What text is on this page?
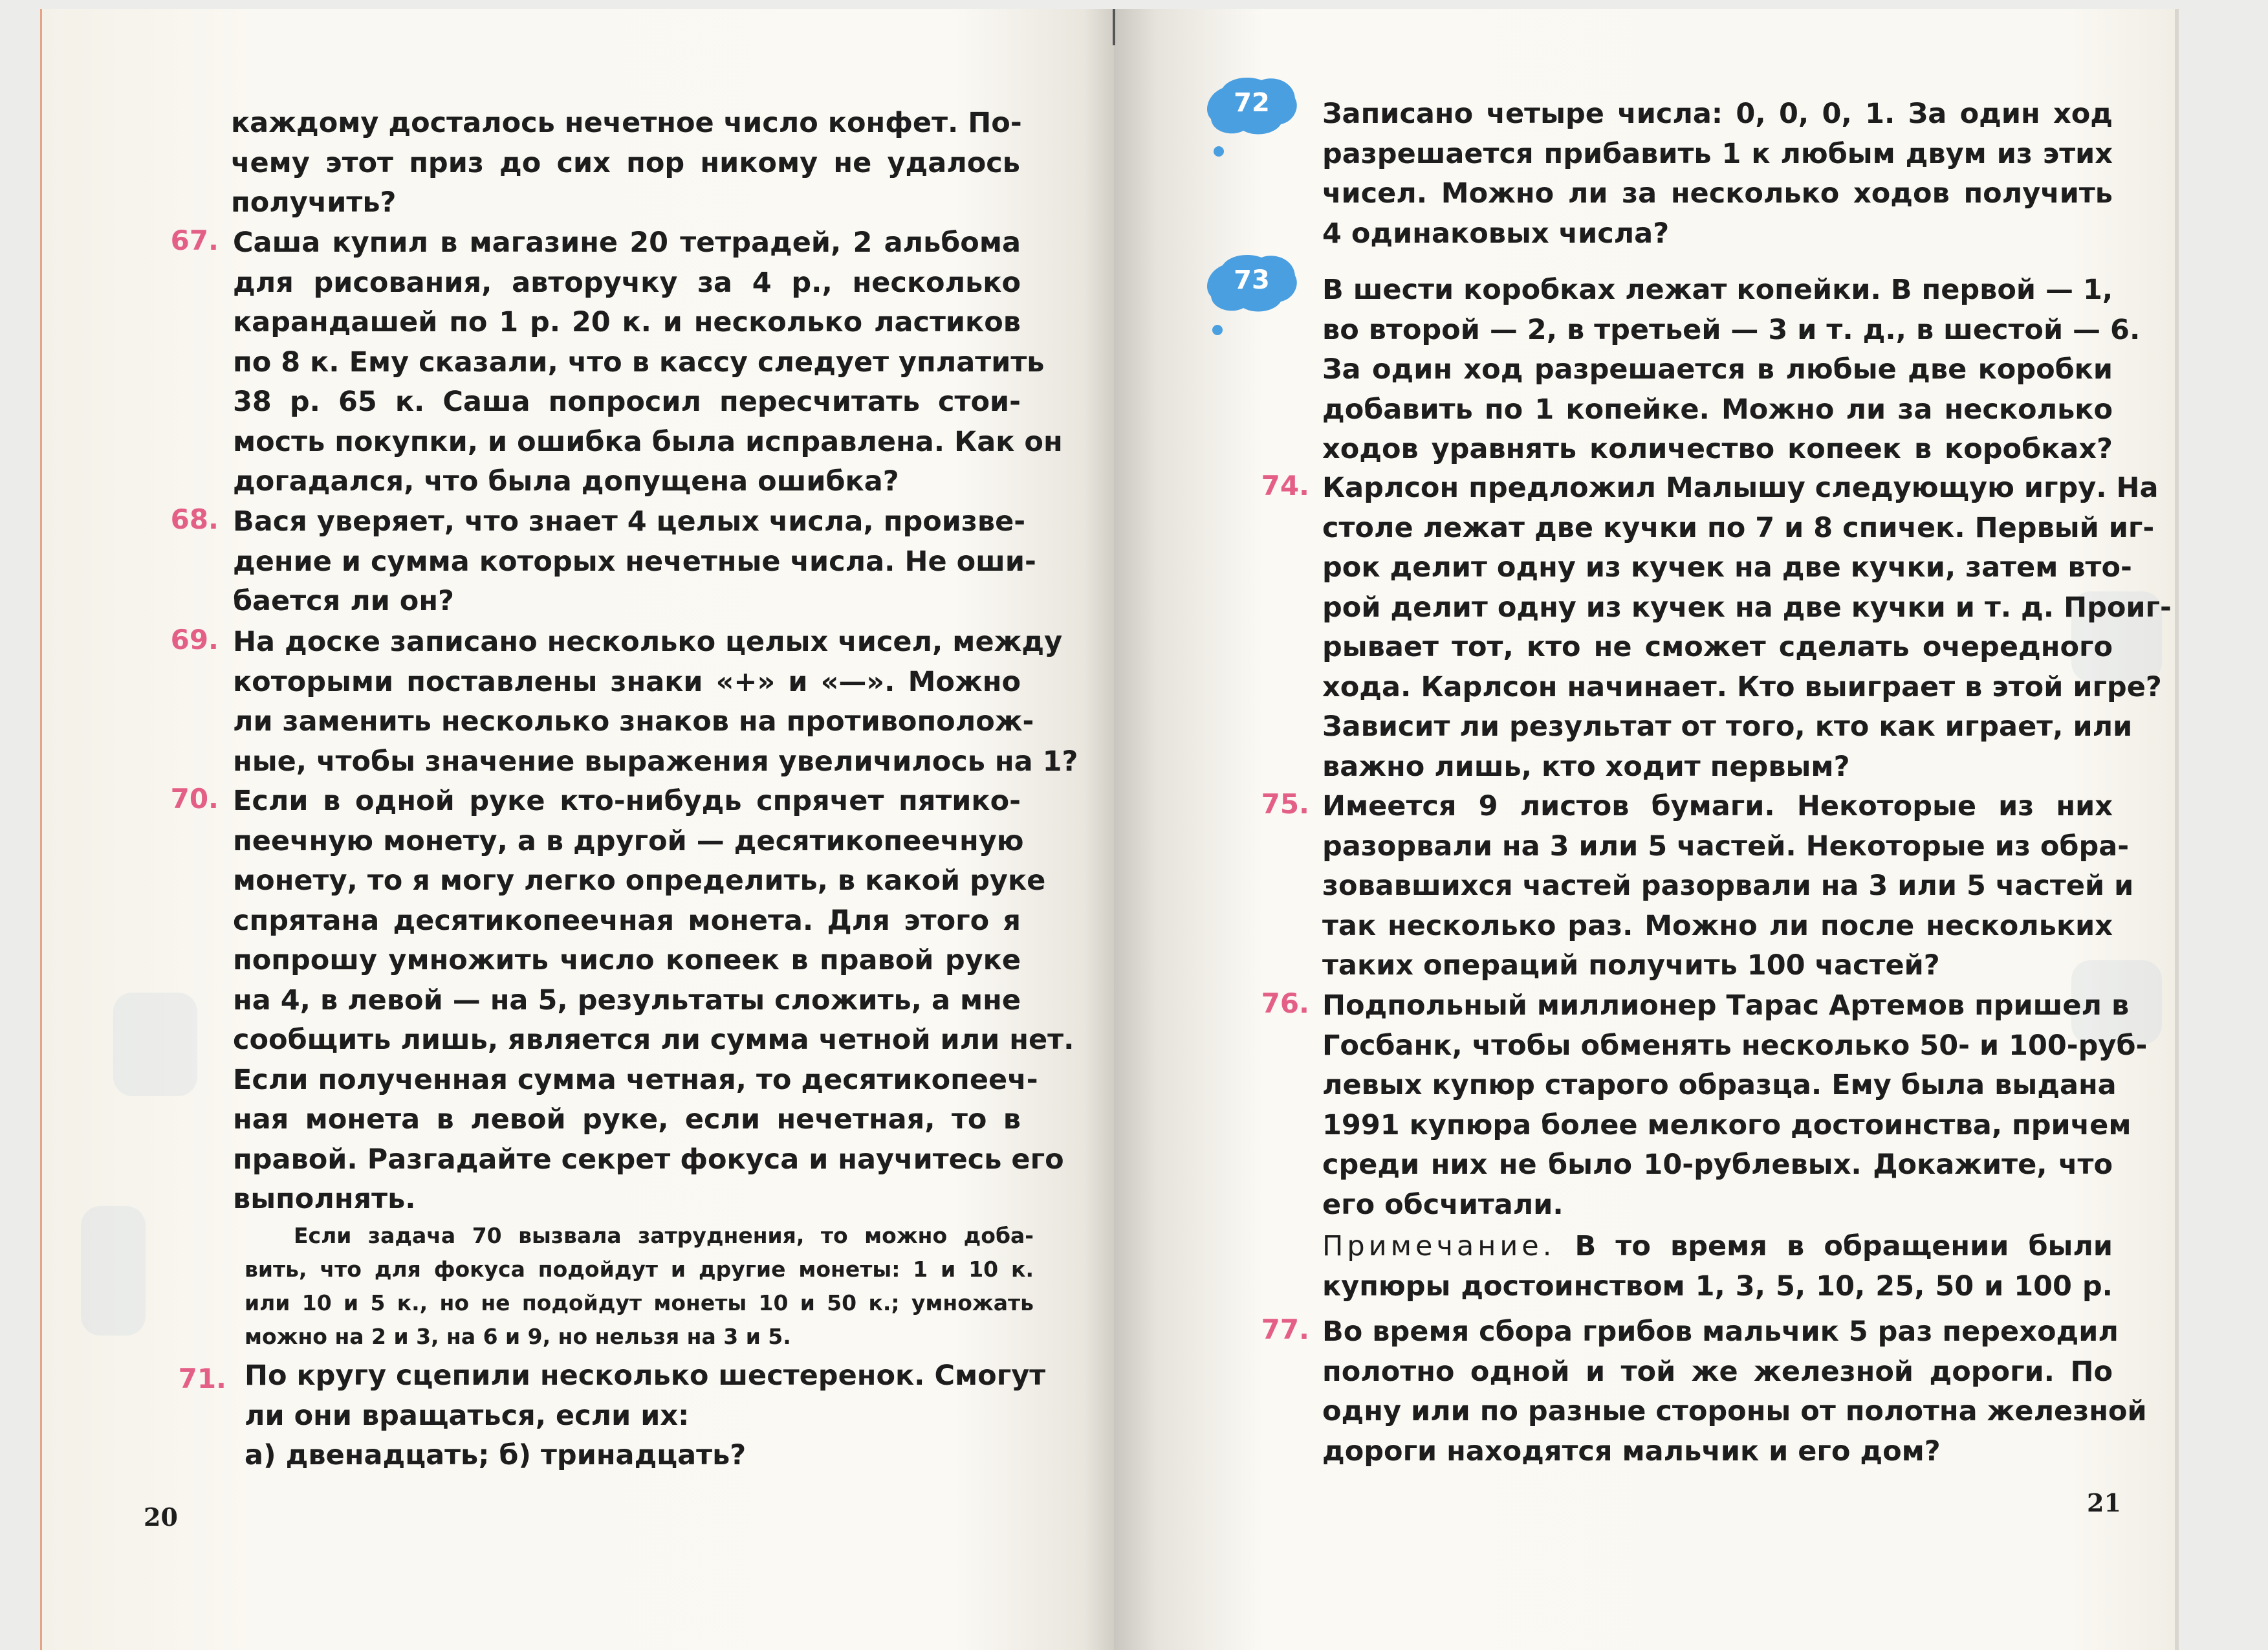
каждому досталось нечетное число конфет. По-
чему этот приз до сих пор никому не удалось
получить?
67. Саша купил в магазине 20 тетрадей, 2 альбома
для рисования, авторучку за 4 р., несколько
карандашей по 1 р. 20 к. и несколько ластиков
по 8 к. Ему сказали, что в кассу следует уплатить
38 р. 65 к. Саша попросил пересчитать стои-
мость покупки, и ошибка была исправлена. Как он
догадался, что была допущена ошибка?
68. Вася уверяет, что знает 4 целых числа, произве-
дение и сумма которых нечетные числа. Не оши-
бается ли он?
69. На доске записано несколько целых чисел, между
которыми поставлены знаки «+» и «—». Можно
ли заменить несколько знаков на противополож-
ные, чтобы значение выражения увеличилось на 1?
70. Если в одной руке кто-нибудь спрячет пятико-
пеечную монету, а в другой — десятикопеечную
монету, то я могу легко определить, в какой руке
спрятана десятикопеечная монета. Для этого я
попрошу умножить число копеек в правой руке
на 4, в левой — на 5, результаты сложить, а мне
сообщить лишь, является ли сумма четной или нет.
Если полученная сумма четная, то десятикопееч-
ная монета в левой руке, если нечетная, то в
правой. Разгадайте секрет фокуса и научитесь его
выполнять.
Если задача 70 вызвала затруднения, то можно доба-
вить, что для фокуса подойдут и другие монеты: 1 и 10 к.
или 10 и 5 к., но не подойдут монеты 10 и 50 к.; умножать
можно на 2 и 3, на 6 и 9, но нельзя на 3 и 5.
71. По кругу сцепили несколько шестеренок. Смогут
ли они вращаться, если их:
а) двенадцать; б) тринадцать?
20
72	Записано четыре числа: 0, 0, 0, 1. За один ход
разрешается прибавить 1 к любым двум из этих
чисел. Можно ли за несколько ходов получить
4 одинаковых числа?
73	В шести коробках лежат копейки. В первой — 1,
во второй — 2, в третьей — 3 и т. д., в шестой — 6.
За один ход разрешается в любые две коробки
добавить по 1 копейке. Можно ли за несколько
ходов уравнять количество копеек в коробках?
74. Карлсон предложил Малышу следующую игру. На
столе лежат две кучки по 7 и 8 спичек. Первый иг-
рок делит одну из кучек на две кучки, затем вто-
рой делит одну из кучек на две кучки и т. д. Проиг-
рывает тот, кто не сможет сделать очередного
хода. Карлсон начинает. Кто выиграет в этой игре?
Зависит ли результат от того, кто как играет, или
важно лишь, кто ходит первым?
75. Имеется 9 листов бумаги. Некоторые из них
разорвали на 3 или 5 частей. Некоторые из обра-
зовавшихся частей разорвали на 3 или 5 частей и
так несколько раз. Можно ли после нескольких
таких операций получить 100 частей?
76. Подпольный миллионер Тарас Артемов пришел в
Госбанк, чтобы обменять несколько 50- и 100-руб-
левых купюр старого образца. Ему была выдана
1991 купюра более мелкого достоинства, причем
среди них не было 10-рублевых. Докажите, что
его обсчитали.
Примечание. В то время в обращении были
купюры достоинством 1, 3, 5, 10, 25, 50 и 100 р.
77. Во время сбора грибов мальчик 5 раз переходил
полотно одной и той же железной дороги. По
одну или по разные стороны от полотна железной
дороги находятся мальчик и его дом?
21
